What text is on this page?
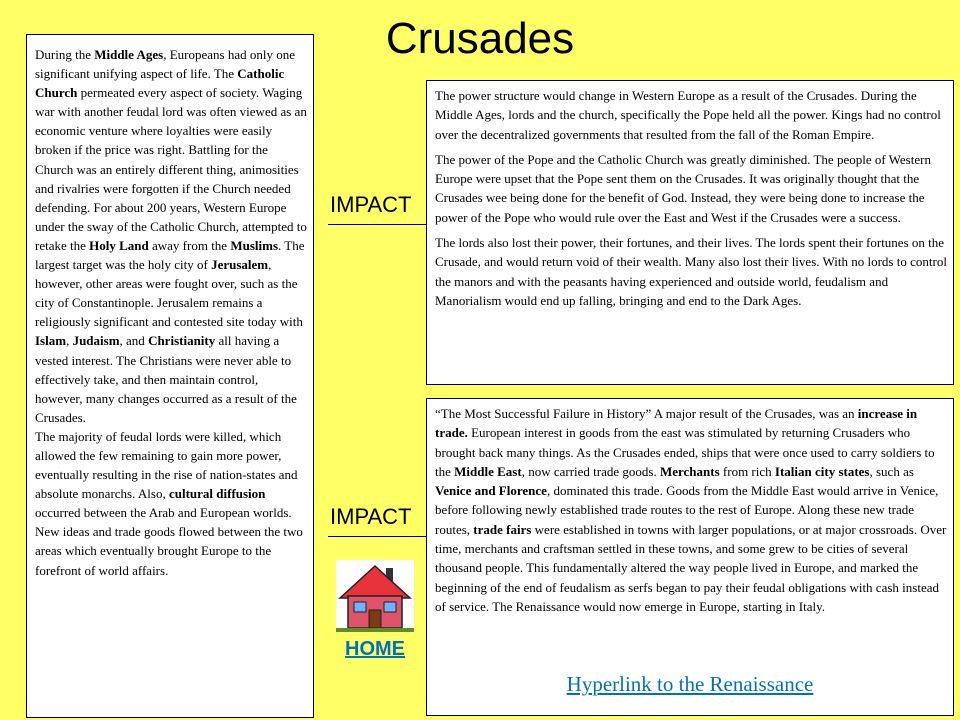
Crusades

During the Middle Ages, Europeans had only one significant unifying aspect of life. The Catholic Church permeated every aspect of society. Waging war with another feudal lord was often viewed as an economic venture where loyalties were easily broken if the price was right. Battling for the Church was an entirely different thing, animosities and rivalries were forgotten if the Church needed defending. For about 200 years, Western Europe under the sway of the Catholic Church, attempted to retake the Holy Land away from the Muslims. The largest target was the holy city of Jerusalem, however, other areas were fought over, such as the city of Constantinople. Jerusalem remains a religiously significant and contested site today with Islam, Judaism, and Christianity all having a vested interest. The Christians were never able to effectively take, and then maintain control, however, many changes occurred as a result of the Crusades.

The majority of feudal lords were killed, which allowed the few remaining to gain more power, eventually resulting in the rise of nation-states and absolute monarchs. Also, cultural diffusion occurred between the Arab and European worlds. New ideas and trade goods flowed between the two areas which eventually brought Europe to the forefront of world affairs.

IMPACT
IMPACT

The power structure would change in Western Europe as a result of the Crusades. During the Middle Ages, lords and the church, specifically the Pope held all the power. Kings had no control over the decentralized governments that resulted from the fall of the Roman Empire.

The power of the Pope and the Catholic Church was greatly diminished. The people of Western Europe were upset that the Pope sent them on the Crusades. It was originally thought that the Crusades wee being done for the benefit of God. Instead, they were being done to increase the power of the Pope who would rule over the East and West if the Crusades were a success.

The lords also lost their power, their fortunes, and their lives. The lords spent their fortunes on the Crusade, and would return void of their wealth. Many also lost their lives. With no lords to control the manors and with the peasants having experienced and outside world, feudalism and Manorialism would end up falling, bringing and end to the Dark Ages.

“The Most Successful Failure in History” A major result of the Crusades, was an increase in trade. European interest in goods from the east was stimulated by returning Crusaders who brought back many things. As the Crusades ended, ships that were once used to carry soldiers to the Middle East, now carried trade goods. Merchants from rich Italian city states, such as Venice and Florence, dominated this trade. Goods from the Middle East would arrive in Venice, before following newly established trade routes to the rest of Europe. Along these new trade routes, trade fairs were established in towns with larger populations, or at major crossroads. Over time, merchants and craftsman settled in these towns, and some grew to be cities of several thousand people. This fundamentally altered the way people lived in Europe, and marked the beginning of the end of feudalism as serfs began to pay their feudal obligations with cash instead of service. The Renaissance would now emerge in Europe, starting in Italy.

HOME
Hyperlink to the Renaissance
